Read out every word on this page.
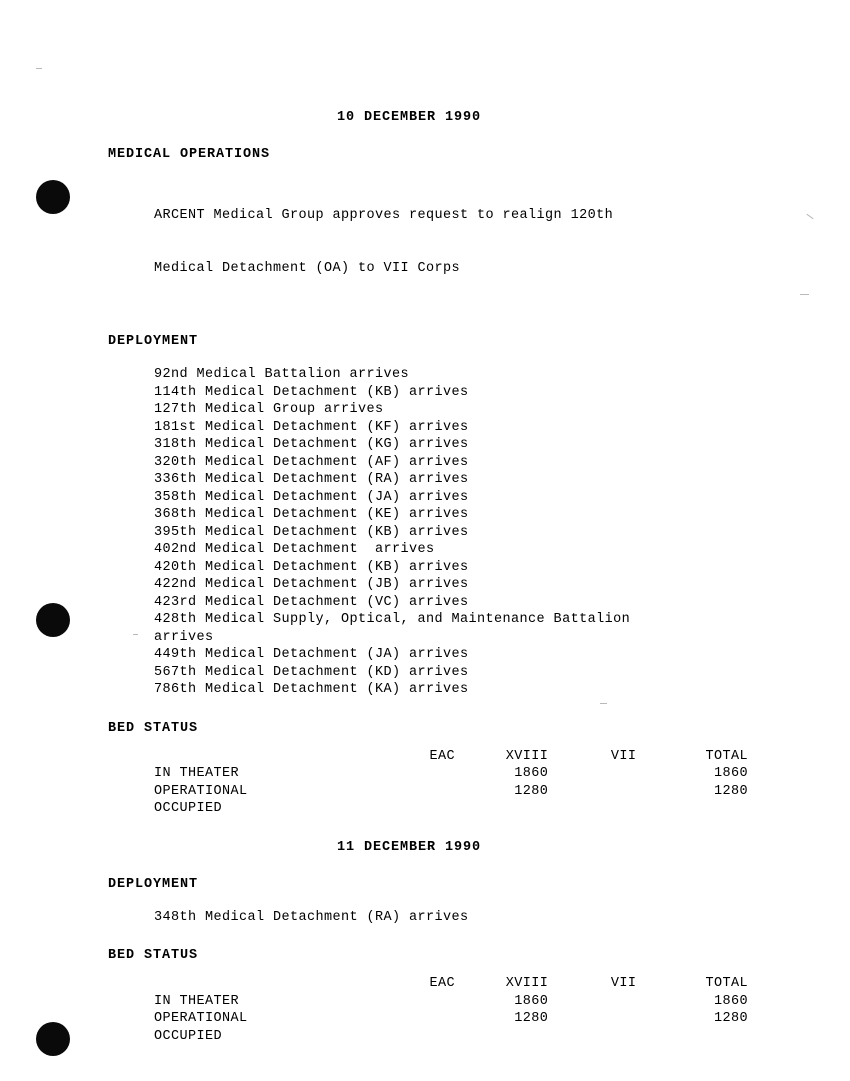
10 DECEMBER 1990
MEDICAL OPERATIONS

ARCENT Medical Group approves request to realign 120th

Medical Detachment (OA) to VII Corps

DEPLOYMENT
92nd Medical Battalion arrives
114th Medical Detachment (KB) arrives
127th Medical Group arrives
181st Medical Detachment (KF) arrives
318th Medical Detachment (KG) arrives
320th Medical Detachment (AF) arrives
336th Medical Detachment (RA) arrives
358th Medical Detachment (JA) arrives
368th Medical Detachment (KE) arrives
395th Medical Detachment (KB) arrives
402nd Medical Detachment  arrives
420th Medical Detachment (KB) arrives
422nd Medical Detachment (JB) arrives
423rd Medical Detachment (VC) arrives
428th Medical Supply, Optical, and Maintenance Battalion
arrives
449th Medical Detachment (JA) arrives
567th Medical Detachment (KD) arrives
786th Medical Detachment (KA) arrives
BED STATUS
	EAC	XVIII	VII	TOTAL
IN THEATER		1860		1860
OPERATIONAL		1280		1280
OCCUPIED				
11 DECEMBER 1990
DEPLOYMENT
348th Medical Detachment (RA) arrives
BED STATUS
	EAC	XVIII	VII	TOTAL
IN THEATER		1860		1860
OPERATIONAL		1280		1280
OCCUPIED				
